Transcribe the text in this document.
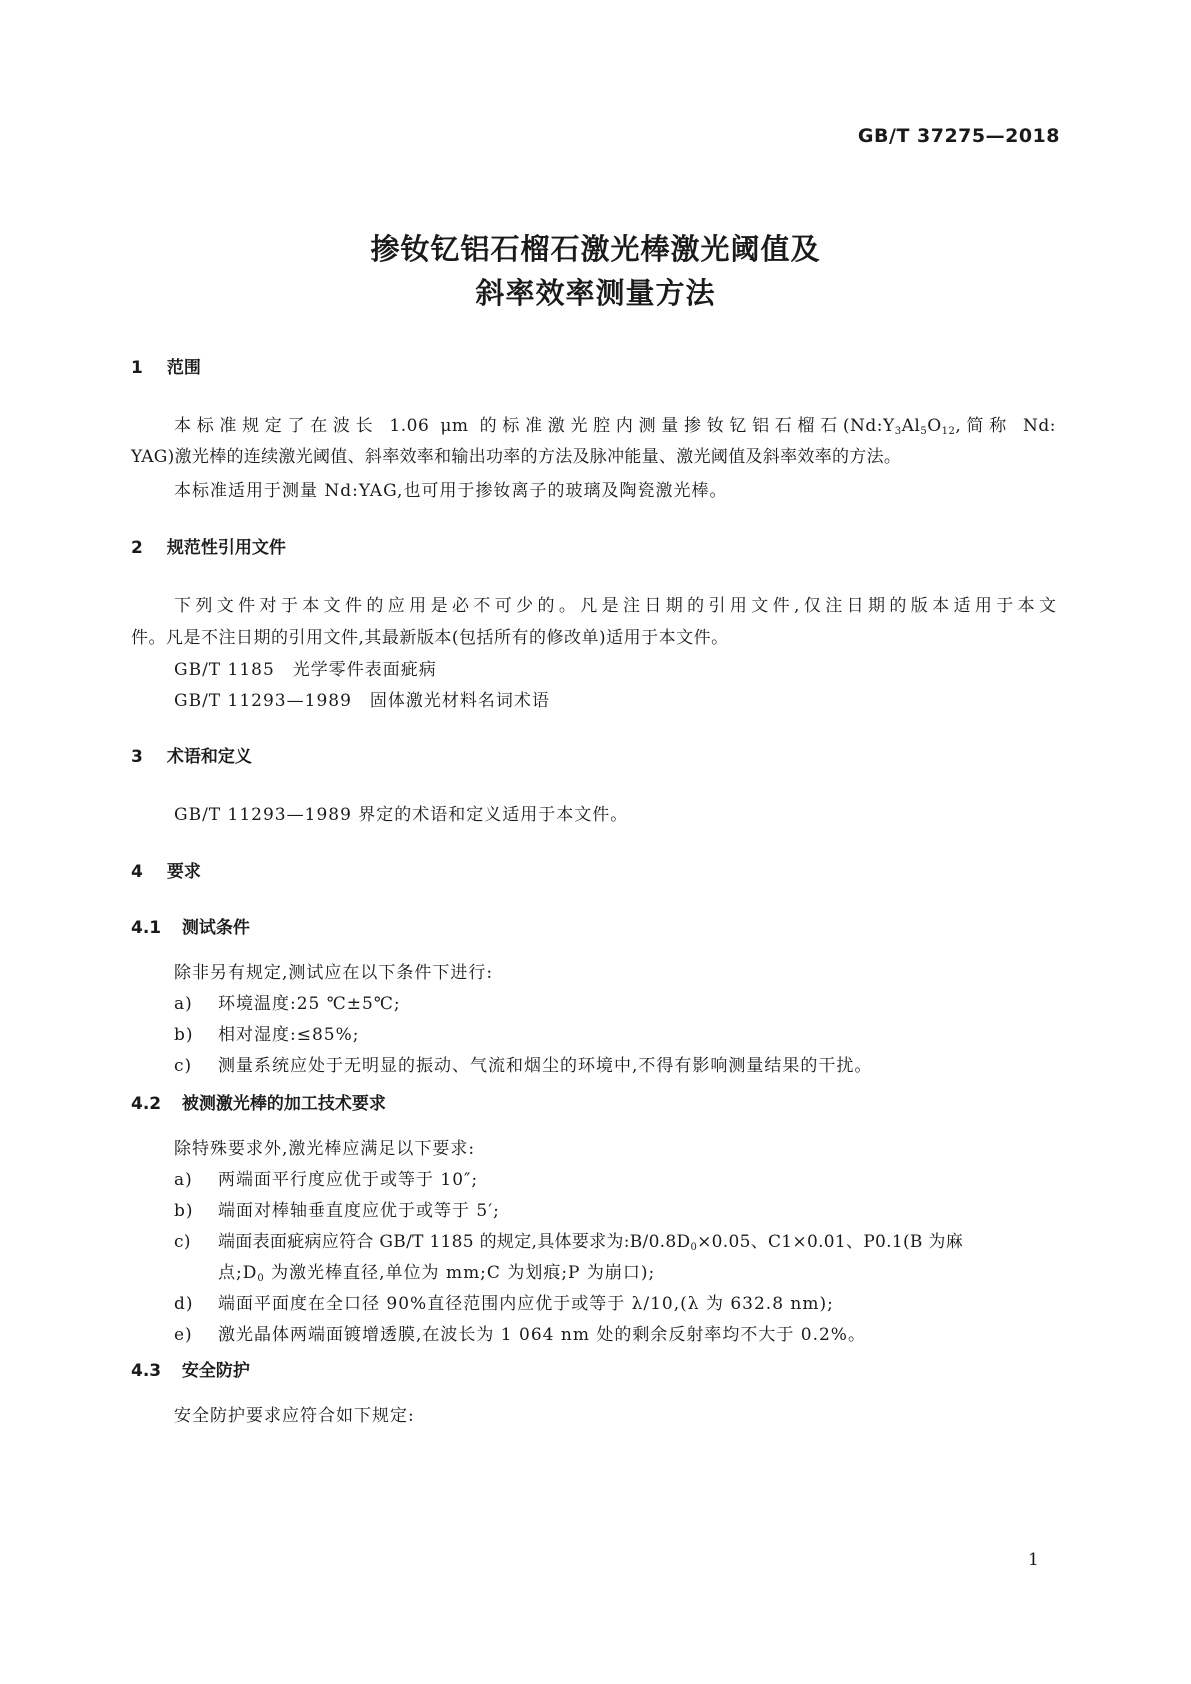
GB/T 37275—2018
掺钕钇铝石榴石激光棒激光阈值及
斜率效率测量方法
1 范围
本标准规定了在波长 1.06 μm 的标准激光腔内测量掺钕钇铝石榴石($Nd:Y_3Al_5O_{12}$,简称 Nd:
YAG)激光棒的连续激光阈值、斜率效率和输出功率的方法及脉冲能量、激光阈值及斜率效率的方法。
本标准适用于测量 Nd:YAG,也可用于掺钕离子的玻璃及陶瓷激光棒。
2 规范性引用文件
下列文件对于本文件的应用是必不可少的。凡是注日期的引用文件,仅注日期的版本适用于本文
件。凡是不注日期的引用文件,其最新版本(包括所有的修改单)适用于本文件。
GB/T 1185　光学零件表面疵病
GB/T 11293—1989　固体激光材料名词术语
3 术语和定义
GB/T 11293—1989 界定的术语和定义适用于本文件。
4 要求
4.1 测试条件
除非另有规定,测试应在以下条件下进行:
a) 环境温度:25 ℃±5℃;
b) 相对湿度:≤85%;
c) 测量系统应处于无明显的振动、气流和烟尘的环境中,不得有影响测量结果的干扰。
4.2 被测激光棒的加工技术要求
除特殊要求外,激光棒应满足以下要求:
a) 两端面平行度应优于或等于 10″;
b) 端面对棒轴垂直度应优于或等于 5′;
c) 端面表面疵病应符合 GB/T 1185 的规定,具体要求为$:B/0.8D_0\times 0.05$、C1×0.01、P0.1(B 为麻
点$;D_0$ 为激光棒直径,单位为 mm;C 为划痕;P 为崩口);
d) 端面平面度在全口径 90%直径范围内应优于或等于 λ/10,(λ 为 632.8 nm);
e) 激光晶体两端面镀增透膜,在波长为 1 064 nm 处的剩余反射率均不大于 0.2%。
4.3 安全防护
安全防护要求应符合如下规定:
1
